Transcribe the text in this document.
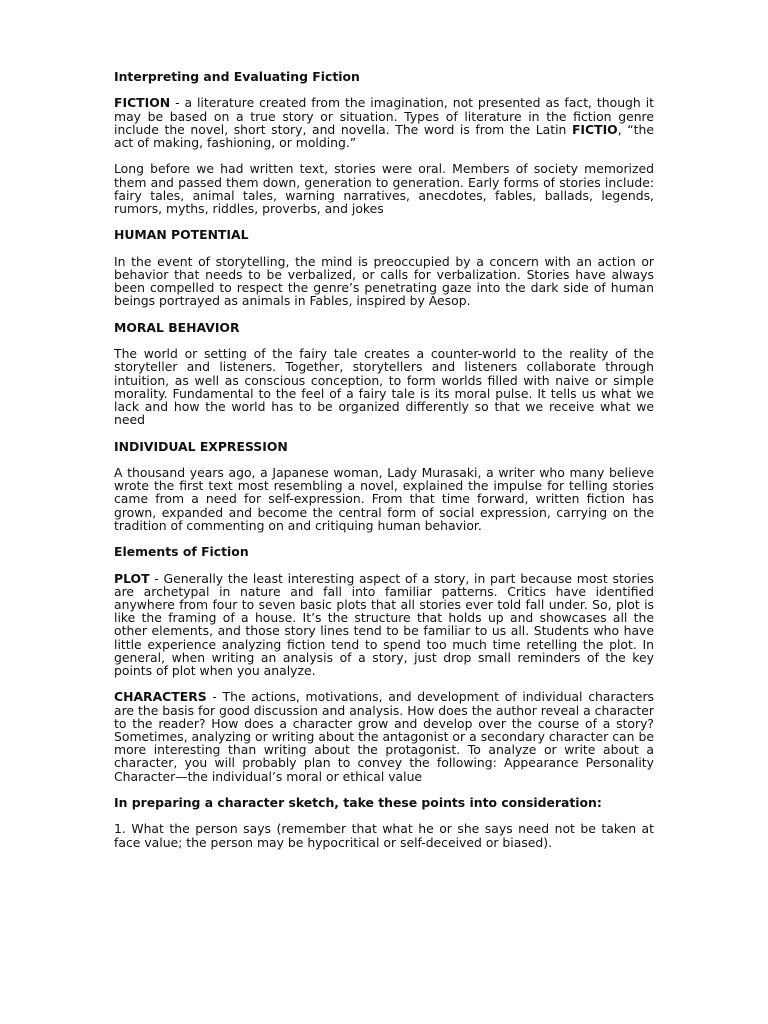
Interpreting and Evaluating Fiction

FICTION - a literature created from the imagination, not presented as fact, though it may be based on a true story or situation. Types of literature in the fiction genre include the novel, short story, and novella. The word is from the Latin FICTIO, “the act of making, fashioning, or molding.”

Long before we had written text, stories were oral. Members of society memorized them and passed them down, generation to generation. Early forms of stories include: fairy tales, animal tales, warning narratives, anecdotes, fables, ballads, legends, rumors, myths, riddles, proverbs, and jokes

HUMAN POTENTIAL

In the event of storytelling, the mind is preoccupied by a concern with an action or behavior that needs to be verbalized, or calls for verbalization. Stories have always been compelled to respect the genre’s penetrating gaze into the dark side of human beings portrayed as animals in Fables, inspired by Aesop.

MORAL BEHAVIOR

The world or setting of the fairy tale creates a counter-world to the reality of the storyteller and listeners. Together, storytellers and listeners collaborate through intuition, as well as conscious conception, to form worlds filled with naive or simple morality. Fundamental to the feel of a fairy tale is its moral pulse. It tells us what we lack and how the world has to be organized differently so that we receive what we need

INDIVIDUAL EXPRESSION

A thousand years ago, a Japanese woman, Lady Murasaki, a writer who many believe wrote the first text most resembling a novel, explained the impulse for telling stories came from a need for self-expression. From that time forward, written fiction has grown, expanded and become the central form of social expression, carrying on the tradition of commenting on and critiquing human behavior.

Elements of Fiction

PLOT - Generally the least interesting aspect of a story, in part because most stories are archetypal in nature and fall into familiar patterns. Critics have identified anywhere from four to seven basic plots that all stories ever told fall under. So, plot is like the framing of a house. It’s the structure that holds up and showcases all the other elements, and those story lines tend to be familiar to us all. Students who have little experience analyzing fiction tend to spend too much time retelling the plot. In general, when writing an analysis of a story, just drop small reminders of the key points of plot when you analyze.

CHARACTERS - The actions, motivations, and development of individual characters are the basis for good discussion and analysis. How does the author reveal a character to the reader? How does a character grow and develop over the course of a story? Sometimes, analyzing or writing about the antagonist or a secondary character can be more interesting than writing about the protagonist. To analyze or write about a character, you will probably plan to convey the following: Appearance Personality Character—the individual’s moral or ethical value

In preparing a character sketch, take these points into consideration:

1. What the person says (remember that what he or she says need not be taken at face value; the person may be hypocritical or self-deceived or biased).
